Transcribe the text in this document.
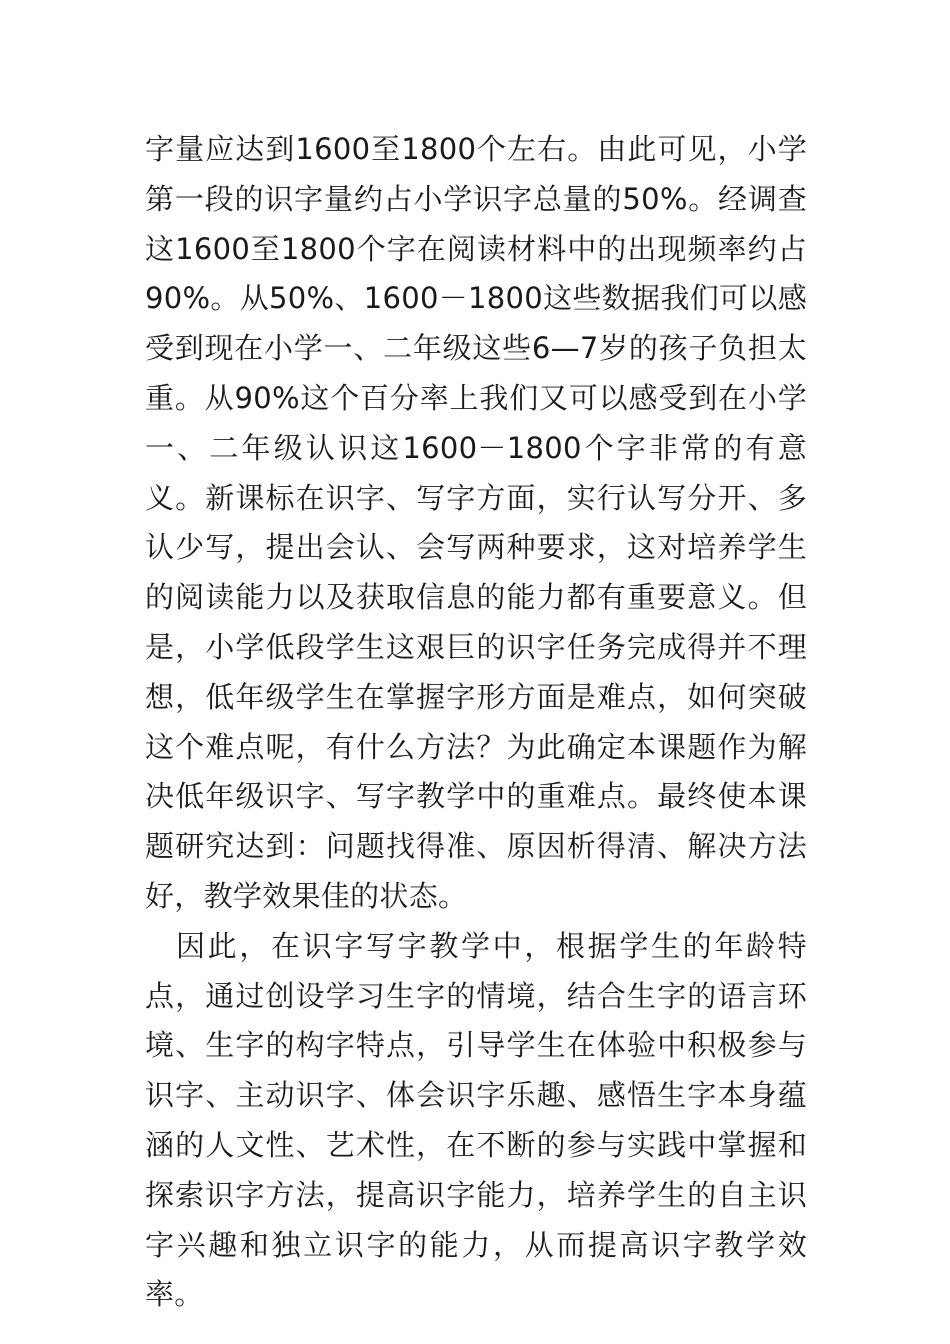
字量应达到1600至1800个左右。由此可见，小学第一段的识字量约占小学识字总量的50%。经调查这1600至1800个字在阅读材料中的出现频率约占90%。从50%、1600－1800这些数据我们可以感受到现在小学一、二年级这些6—7岁的孩子负担太重。从90%这个百分率上我们又可以感受到在小学一、二年级认识这1600－1800个字非常的有意义。新课标在识字、写字方面，实行认写分开、多认少写，提出会认、会写两种要求，这对培养学生的阅读能力以及获取信息的能力都有重要意义。但是，小学低段学生这艰巨的识字任务完成得并不理想，低年级学生在掌握字形方面是难点，如何突破这个难点呢，有什么方法？为此确定本课题作为解决低年级识字、写字教学中的重难点。最终使本课题研究达到：问题找得准、原因析得清、解决方法好，教学效果佳的状态。

因此，在识字写字教学中，根据学生的年龄特点，通过创设学习生字的情境，结合生字的语言环境、生字的构字特点，引导学生在体验中积极参与识字、主动识字、体会识字乐趣、感悟生字本身蕴涵的人文性、艺术性，在不断的参与实践中掌握和探索识字方法，提高识字能力，培养学生的自主识字兴趣和独立识字的能力，从而提高识字教学效率。
